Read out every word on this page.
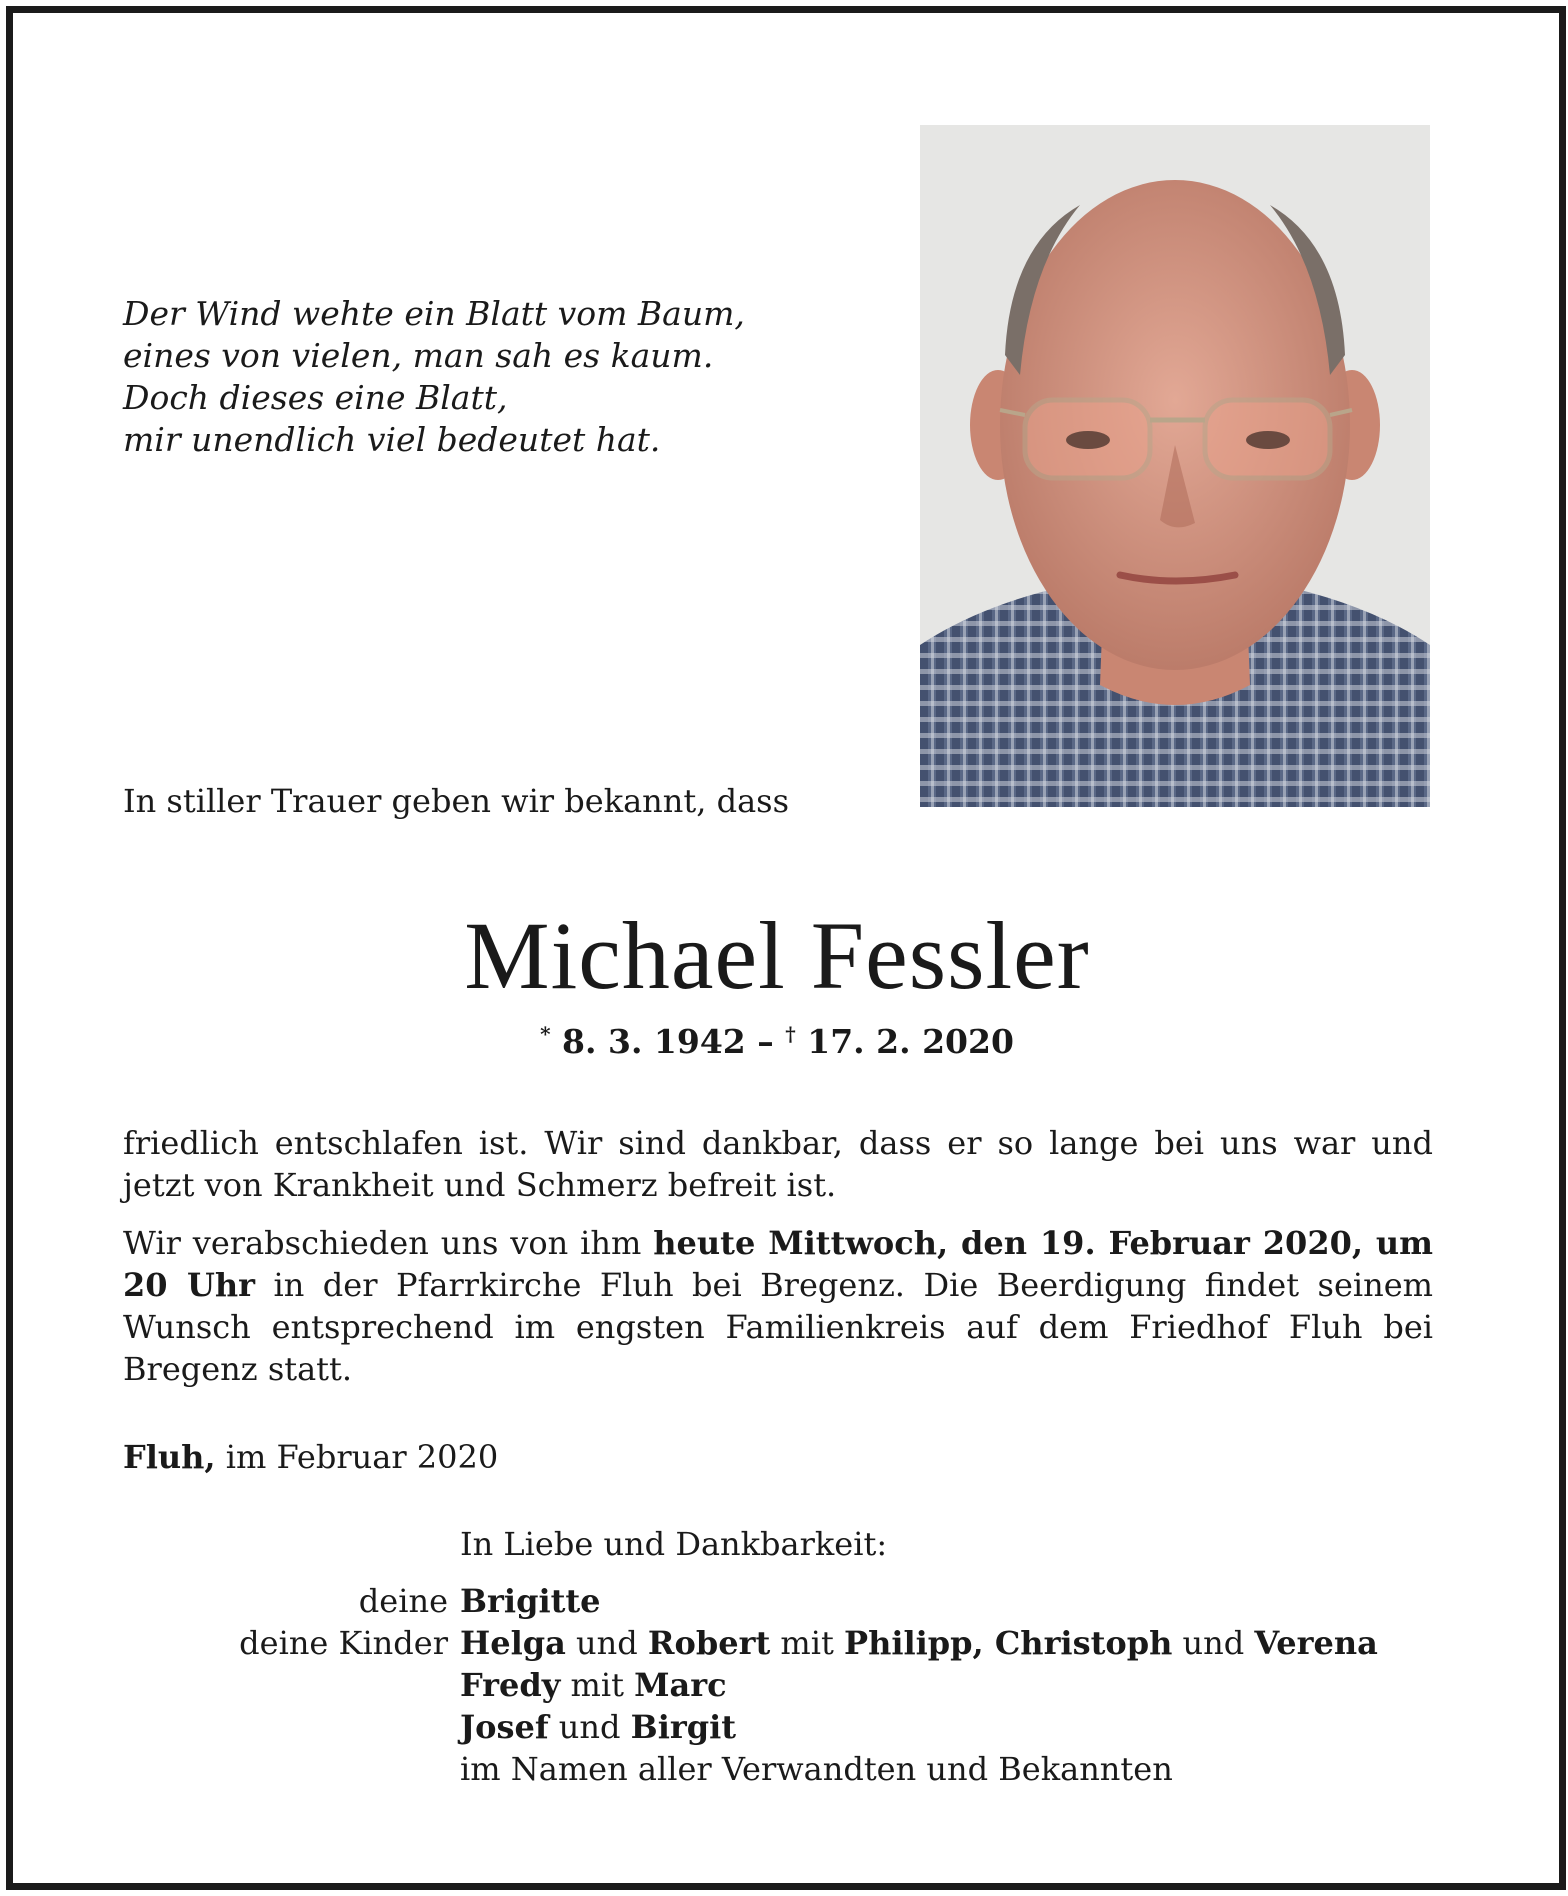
Der Wind wehte ein Blatt vom Baum,
eines von vielen, man sah es kaum.
Doch dieses eine Blatt,
mir unendlich viel bedeutet hat.
In stiller Trauer geben wir bekannt, dass
Michael Fessler
* 8. 3. 1942 – † 17. 2. 2020
friedlich entschlafen ist. Wir sind dankbar, dass er so lange bei uns war und jetzt von Krankheit und Schmerz befreit ist.
Wir verabschieden uns von ihm heute Mittwoch, den 19. Februar 2020, um 20 Uhr in der Pfarrkirche Fluh bei Bregenz. Die Beerdigung findet seinem Wunsch entsprechend im engsten Familienkreis auf dem Friedhof Fluh bei Bregenz statt.
Fluh, im Februar 2020
In Liebe und Dankbarkeit:
deine Brigitte
deine Kinder Helga und Robert mit Philipp, Christoph und Verena
Fredy mit Marc
Josef und Birgit
im Namen aller Verwandten und Bekannten
